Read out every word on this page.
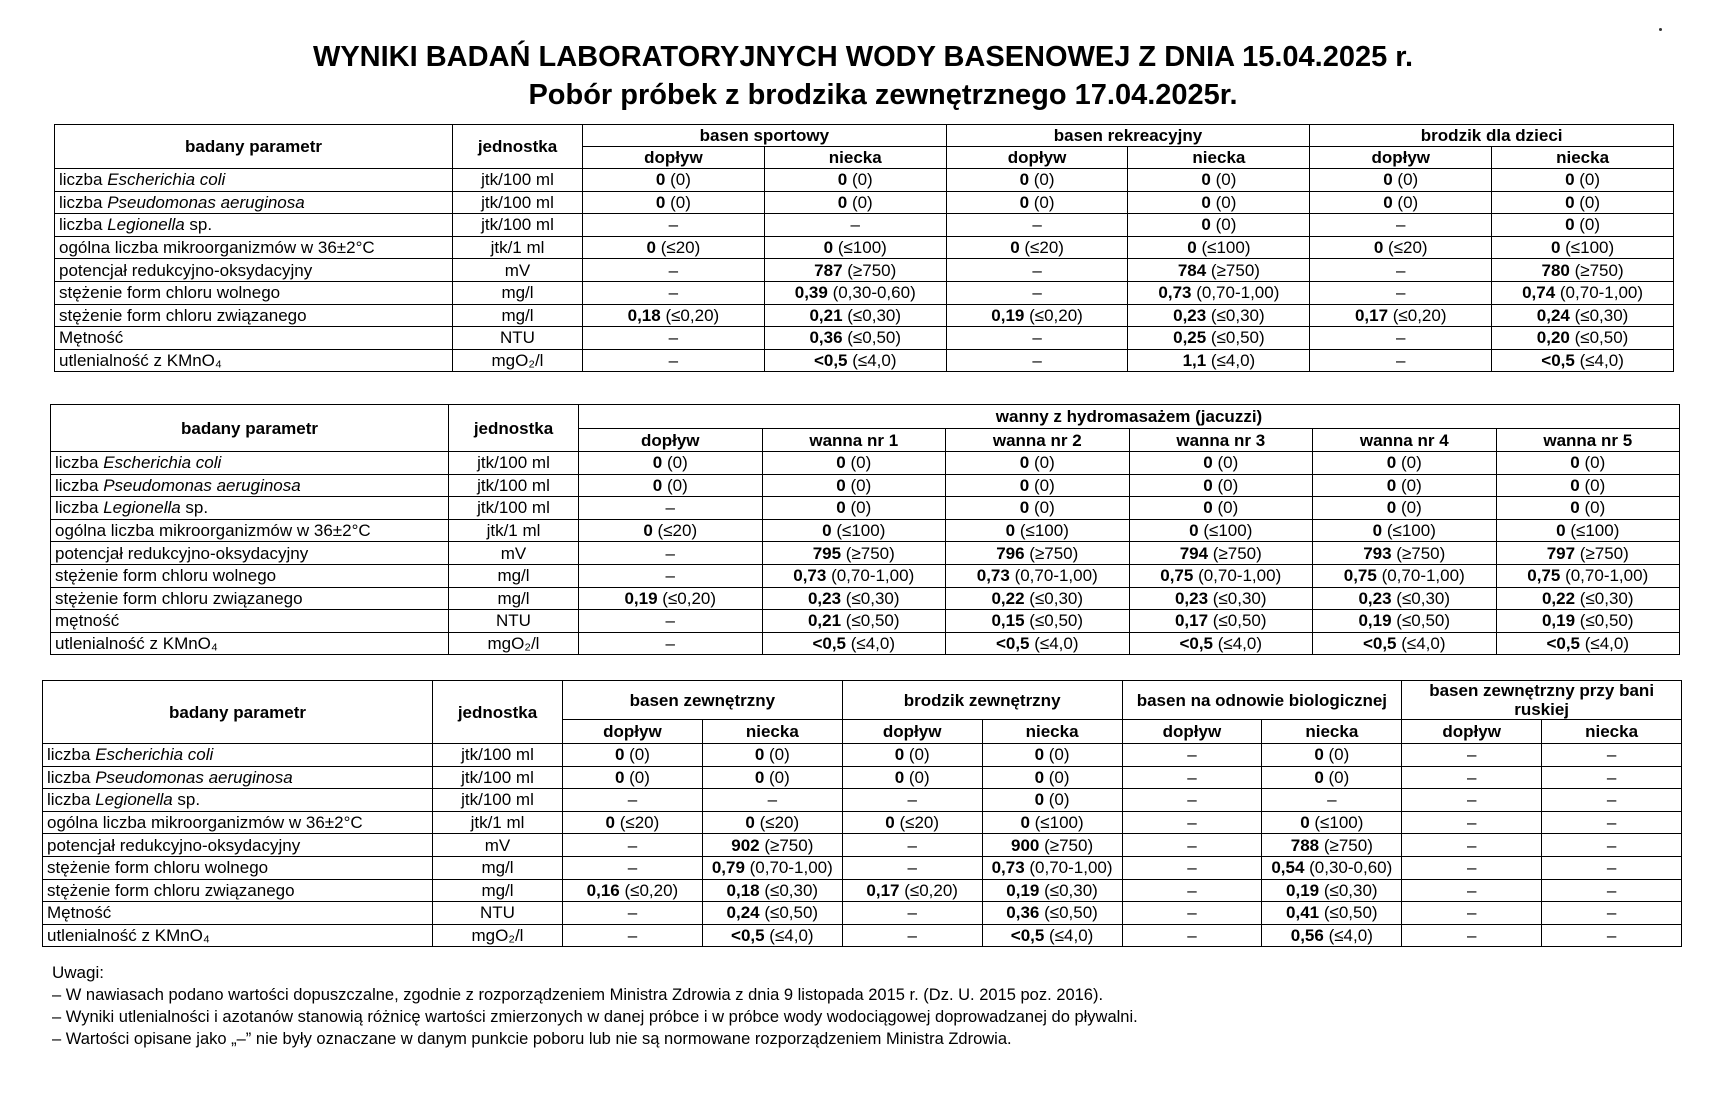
WYNIKI BADAŃ LABORATORYJNYCH WODY BASENOWEJ Z DNIA 15.04.2025 r.
Pobór próbek z brodzika zewnętrznego 17.04.2025r.
badany parametr	jednostka	basen sportowy		basen rekreacyjny		brodzik dla dzieci	
		dopływ	niecka	dopływ	niecka	dopływ	niecka
liczba Escherichia coli	jtk/100 ml	0 (0)	0 (0)	0 (0)	0 (0)	0 (0)	0 (0)
liczba Pseudomonas aeruginosa	jtk/100 ml	0 (0)	0 (0)	0 (0)	0 (0)	0 (0)	0 (0)
liczba Legionella sp.	jtk/100 ml	–	–	–	0 (0)	–	0 (0)
ogólna liczba mikroorganizmów w 36±2°C	jtk/1 ml	0 (≤20)	0 (≤100)	0 (≤20)	0 (≤100)	0 (≤20)	0 (≤100)
potencjał redukcyjno-oksydacyjny	mV	–	787 (≥750)	–	784 (≥750)	–	780 (≥750)
stężenie form chloru wolnego	mg/l	–	0,39 (0,30-0,60)	–	0,73 (0,70-1,00)	–	0,74 (0,70-1,00)
stężenie form chloru związanego	mg/l	0,18 (≤0,20)	0,21 (≤0,30)	0,19 (≤0,20)	0,23 (≤0,30)	0,17 (≤0,20)	0,24 (≤0,30)
Mętność	NTU	–	0,36 (≤0,50)	–	0,25 (≤0,50)	–	0,20 (≤0,50)
utlenialność z KMnO₄	mgO₂/l	–	<0,5 (≤4,0)	–	1,1 (≤4,0)	–	<0,5 (≤4,0)
badany parametr	jednostka	wanny z hydromasażem (jacuzzi)					
		dopływ	wanna nr 1	wanna nr 2	wanna nr 3	wanna nr 4	wanna nr 5
liczba Escherichia coli	jtk/100 ml	0 (0)	0 (0)	0 (0)	0 (0)	0 (0)	0 (0)
liczba Pseudomonas aeruginosa	jtk/100 ml	0 (0)	0 (0)	0 (0)	0 (0)	0 (0)	0 (0)
liczba Legionella sp.	jtk/100 ml	–	0 (0)	0 (0)	0 (0)	0 (0)	0 (0)
ogólna liczba mikroorganizmów w 36±2°C	jtk/1 ml	0 (≤20)	0 (≤100)	0 (≤100)	0 (≤100)	0 (≤100)	0 (≤100)
potencjał redukcyjno-oksydacyjny	mV	–	795 (≥750)	796 (≥750)	794 (≥750)	793 (≥750)	797 (≥750)
stężenie form chloru wolnego	mg/l	–	0,73 (0,70-1,00)	0,73 (0,70-1,00)	0,75 (0,70-1,00)	0,75 (0,70-1,00)	0,75 (0,70-1,00)
stężenie form chloru związanego	mg/l	0,19 (≤0,20)	0,23 (≤0,30)	0,22 (≤0,30)	0,23 (≤0,30)	0,23 (≤0,30)	0,22 (≤0,30)
mętność	NTU	–	0,21 (≤0,50)	0,15 (≤0,50)	0,17 (≤0,50)	0,19 (≤0,50)	0,19 (≤0,50)
utlenialność z KMnO₄	mgO₂/l	–	<0,5 (≤4,0)	<0,5 (≤4,0)	<0,5 (≤4,0)	<0,5 (≤4,0)	<0,5 (≤4,0)
badany parametr	jednostka	basen zewnętrzny		brodzik zewnętrzny		basen na odnowie biologicznej		basen zewnętrzny przy bani ruskiej	
		dopływ	niecka	dopływ	niecka	dopływ	niecka	dopływ	niecka
liczba Escherichia coli	jtk/100 ml	0 (0)	0 (0)	0 (0)	0 (0)	–	0 (0)	–	–
liczba Pseudomonas aeruginosa	jtk/100 ml	0 (0)	0 (0)	0 (0)	0 (0)	–	0 (0)	–	–
liczba Legionella sp.	jtk/100 ml	–	–	–	0 (0)	–	–	–	–
ogólna liczba mikroorganizmów w 36±2°C	jtk/1 ml	0 (≤20)	0 (≤20)	0 (≤20)	0 (≤100)	–	0 (≤100)	–	–
potencjał redukcyjno-oksydacyjny	mV	–	902 (≥750)	–	900 (≥750)	–	788 (≥750)	–	–
stężenie form chloru wolnego	mg/l	–	0,79 (0,70-1,00)	–	0,73 (0,70-1,00)	–	0,54 (0,30-0,60)	–	–
stężenie form chloru związanego	mg/l	0,16 (≤0,20)	0,18 (≤0,30)	0,17 (≤0,20)	0,19 (≤0,30)	–	0,19 (≤0,30)	–	–
Mętność	NTU	–	0,24 (≤0,50)	–	0,36 (≤0,50)	–	0,41 (≤0,50)	–	–
utlenialność z KMnO₄	mgO₂/l	–	<0,5 (≤4,0)	–	<0,5 (≤4,0)	–	0,56 (≤4,0)	–	–
Uwagi:
– W nawiasach podano wartości dopuszczalne, zgodnie z rozporządzeniem Ministra Zdrowia z dnia 9 listopada 2015 r. (Dz. U. 2015 poz. 2016).
– Wyniki utlenialności i azotanów stanowią różnicę wartości zmierzonych w danej próbce i w próbce wody wodociągowej doprowadzanej do pływalni.
– Wartości opisane jako „–” nie były oznaczane w danym punkcie poboru lub nie są normowane rozporządzeniem Ministra Zdrowia.
